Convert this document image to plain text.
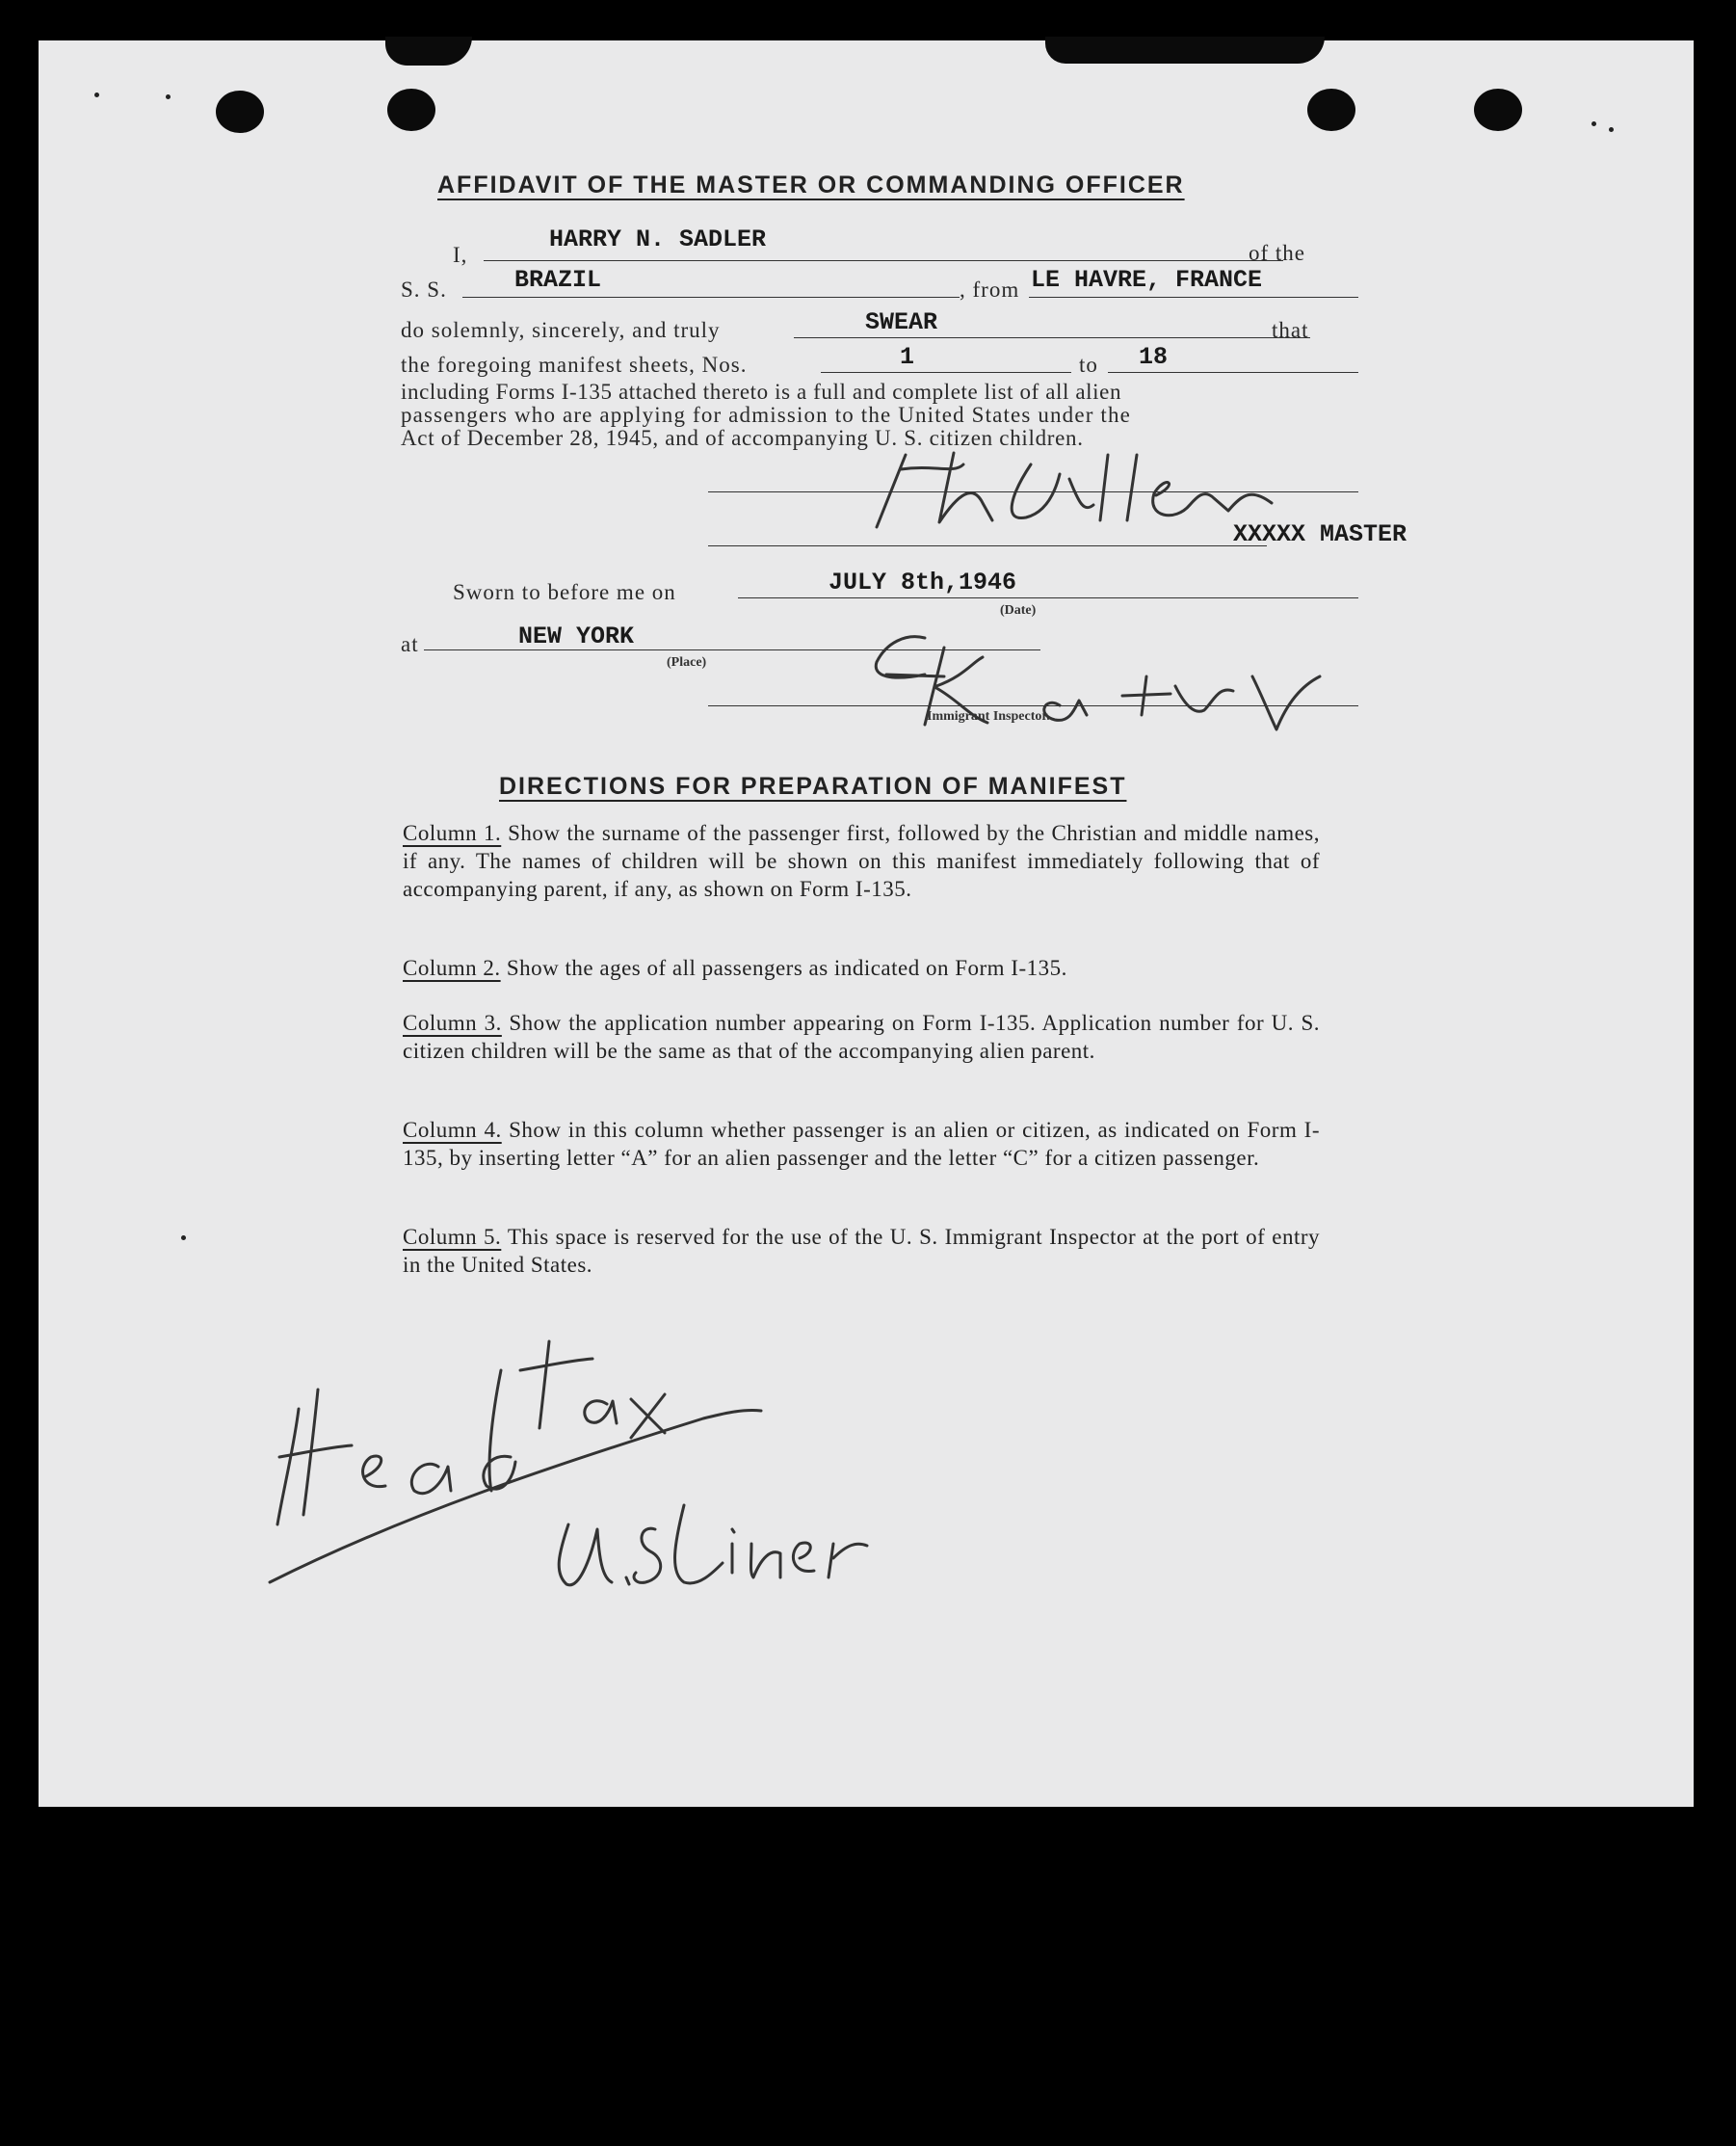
AFFIDAVIT OF THE MASTER OR COMMANDING OFFICER
I,
HARRY N. SADLER	of the
S. S.	BRAZIL	, from LE HAVRE, FRANCE
do solemnly, sincerely, and truly	SWEAR	that
the foregoing manifest sheets, Nos.	1	to 18
including Forms I-135 attached thereto is a full and complete list of all alien
passengers who are applying for admission to the United States under the
Act of December 28, 1945, and of accompanying U. S. citizen children.
XXXXX MASTER
Sworn to before me on	JULY 8th,1946
(Date)
at	NEW YORK
(Place)
Immigrant Inspector.
DIRECTIONS FOR PREPARATION OF MANIFEST
Column 1. Show the surname of the passenger first, followed by the Christian and middle names, if any. The names of children will be shown on this manifest immediately following that of accompanying parent, if any, as shown on Form I-135.
Column 2. Show the ages of all passengers as indicated on Form I-135.
Column 3. Show the application number appearing on Form I-135. Application number for U. S. citizen children will be the same as that of the accompanying alien parent.
Column 4. Show in this column whether passenger is an alien or citizen, as indicated on Form I-135, by inserting letter “A” for an alien passenger and the letter “C” for a citizen passenger.
Column 5. This space is reserved for the use of the U. S. Immigrant Inspector at the port of entry in the United States.
